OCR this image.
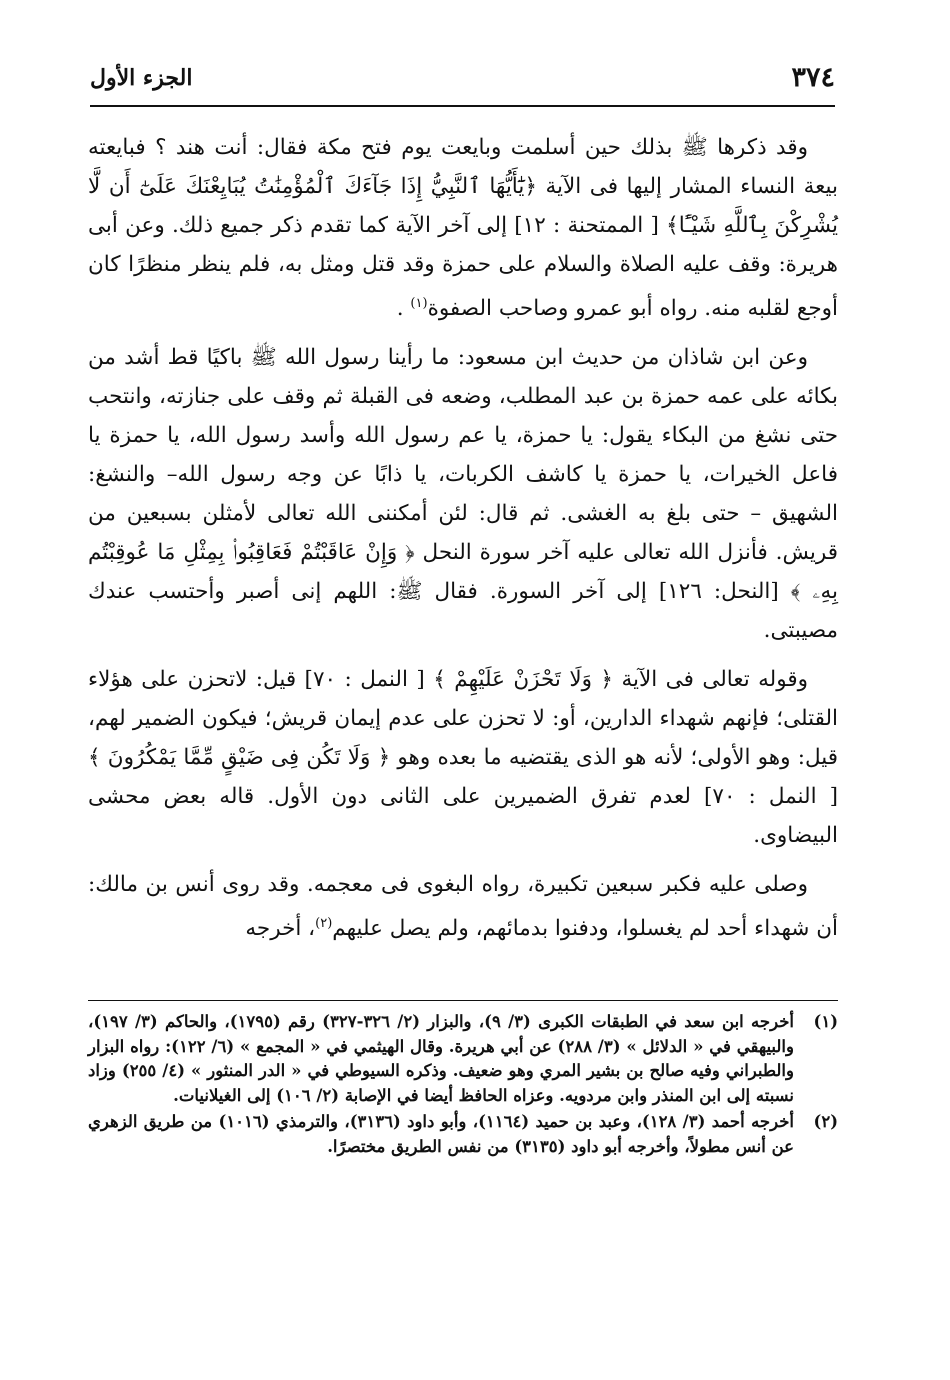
٣٧٤
الجزء الأول

وقد ذكرها ﷺ بذلك حين أسلمت وبايعت يوم فتح مكة فقال: أنت هند ؟ فبايعته بيعة النساء المشار إليها فى الآية ﴿يَٰٓأَيُّهَا ٱلنَّبِيُّ إِذَا جَآءَكَ ٱلْمُؤْمِنَٰتُ يُبَايِعْنَكَ عَلَىٰٓ أَن لَّا يُشْرِكْنَ بِٱللَّهِ شَيْـًٔا﴾ [ الممتحنة : ١٢] إلى آخر الآية كما تقدم ذكر جميع ذلك. وعن أبى هريرة: وقف عليه الصلاة والسلام على حمزة وقد قتل ومثل به، فلم ينظر منظرًا كان أوجع لقلبه منه. رواه أبو عمرو وصاحب الصفوة$^{(١)}$ .

وعن ابن شاذان من حديث ابن مسعود: ما رأينا رسول الله ﷺ باكيًا قط أشد من بكائه على عمه حمزة بن عبد المطلب، وضعه فى القبلة ثم وقف على جنازته، وانتحب حتى نشغ من البكاء يقول: يا حمزة، يا عم رسول الله وأسد رسول الله، يا حمزة يا فاعل الخيرات، يا حمزة يا كاشف الكربات، يا ذابًا عن وجه رسول الله– والنشغ: الشهيق – حتى بلغ به الغشى. ثم قال: لئن أمكننى الله تعالى لأمثلن بسبعين من قريش. فأنزل الله تعالى عليه آخر سورة النحل ﴿ وَإِنْ عَاقَبْتُمْ فَعَاقِبُوا۟ بِمِثْلِ مَا عُوقِبْتُم بِهِۦ ﴾ [النحل: ١٢٦] إلى آخر السورة. فقال ﷺ: اللهم إنى أصبر وأحتسب عندك مصيبتى.

وقوله تعالى فى الآية ﴿ وَلَا تَحْزَنْ عَلَيْهِمْ ﴾ [ النمل : ٧٠] قيل: لاتحزن على هؤلاء القتلى؛ فإنهم شهداء الدارين، أو: لا تحزن على عدم إيمان قريش؛ فيكون الضمير لهم، قيل: وهو الأولى؛ لأنه هو الذى يقتضيه ما بعده وهو ﴿ وَلَا تَكُن فِى ضَيْقٍ مِّمَّا يَمْكُرُونَ ﴾ [ النمل : ٧٠] لعدم تفرق الضميرين على الثانى دون الأول. قاله بعض محشى البيضاوى.

وصلى عليه فكبر سبعين تكبيرة، رواه البغوى فى معجمه. وقد روى أنس بن مالك: أن شهداء أحد لم يغسلوا، ودفنوا بدمائهم، ولم يصل عليهم$^{(٢)}$، أخرجه

(١)
أخرجه ابن سعد في الطبقات الكبرى (٣/ ٩)، والبزار (٢/ ٣٢٦-٣٢٧) رقم (١٧٩٥)، والحاكم (٣/ ١٩٧)، والبيهقي في « الدلائل » (٣/ ٢٨٨) عن أبي هريرة. وقال الهيثمي في « المجمع » (٦/ ١٢٢): رواه البزار والطبراني وفيه صالح بن بشير المري وهو ضعيف. وذكره السيوطي في « الدر المنثور » (٤/ ٢٥٥) وزاد نسبته إلى ابن المنذر وابن مردويه. وعزاه الحافظ أيضا في الإصابة (٢/ ١٠٦) إلى الغيلانيات.
(٢)
أخرجه أحمد (٣/ ١٢٨)، وعبد بن حميد (١١٦٤)، وأبو داود (٣١٣٦)، والترمذي (١٠١٦) من طريق الزهري عن أنس مطولاً، وأخرجه أبو داود (٣١٣٥) من نفس الطريق مختصرًا.
